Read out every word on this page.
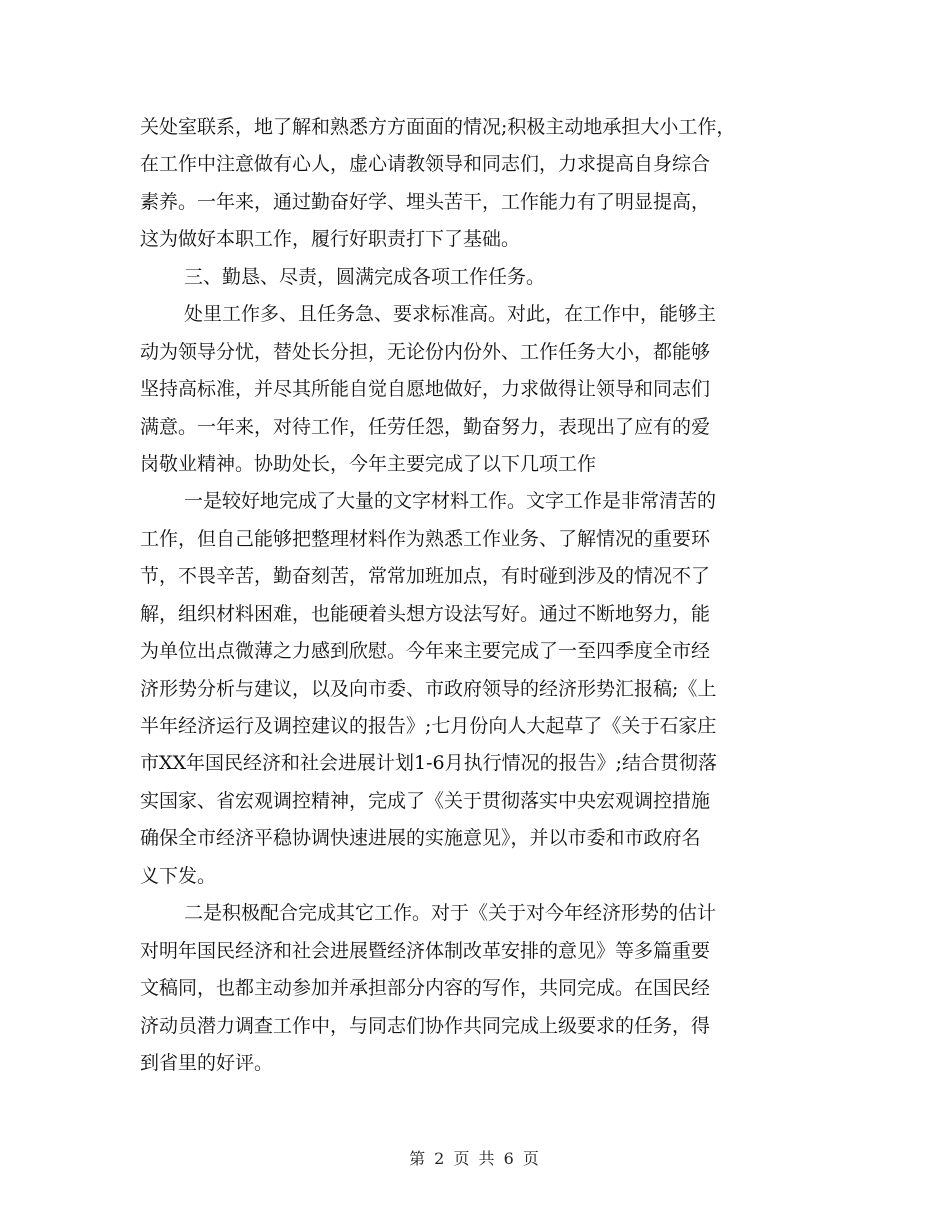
关处室联系，地了解和熟悉方方面面的情况;积极主动地承担大小工作，
在工作中注意做有心人，虚心请教领导和同志们，力求提高自身综合
素养。一年来，通过勤奋好学、埋头苦干，工作能力有了明显提高，
这为做好本职工作，履行好职责打下了基础。
三、勤恳、尽责，圆满完成各项工作任务。
处里工作多、且任务急、要求标准高。对此，在工作中，能够主
动为领导分忧，替处长分担，无论份内份外、工作任务大小，都能够
坚持高标准，并尽其所能自觉自愿地做好，力求做得让领导和同志们
满意。一年来，对待工作，任劳任怨，勤奋努力，表现出了应有的爱
岗敬业精神。协助处长，今年主要完成了以下几项工作
一是较好地完成了大量的文字材料工作。文字工作是非常清苦的
工作，但自己能够把整理材料作为熟悉工作业务、了解情况的重要环
节，不畏辛苦，勤奋刻苦，常常加班加点，有时碰到涉及的情况不了
解，组织材料困难，也能硬着头想方设法写好。通过不断地努力，能
为单位出点微薄之力感到欣慰。今年来主要完成了一至四季度全市经
济形势分析与建议，以及向市委、市政府领导的经济形势汇报稿;《上
半年经济运行及调控建议的报告》;七月份向人大起草了《关于石家庄
市XX年国民经济和社会进展计划1-6月执行情况的报告》;结合贯彻落
实国家、省宏观调控精神，完成了《关于贯彻落实中央宏观调控措施
确保全市经济平稳协调快速进展的实施意见》，并以市委和市政府名
义下发。
二是积极配合完成其它工作。对于《关于对今年经济形势的估计
对明年国民经济和社会进展暨经济体制改革安排的意见》等多篇重要
文稿同，也都主动参加并承担部分内容的写作，共同完成。在国民经
济动员潜力调查工作中，与同志们协作共同完成上级要求的任务，得
到省里的好评。
第 2 页 共 6 页
